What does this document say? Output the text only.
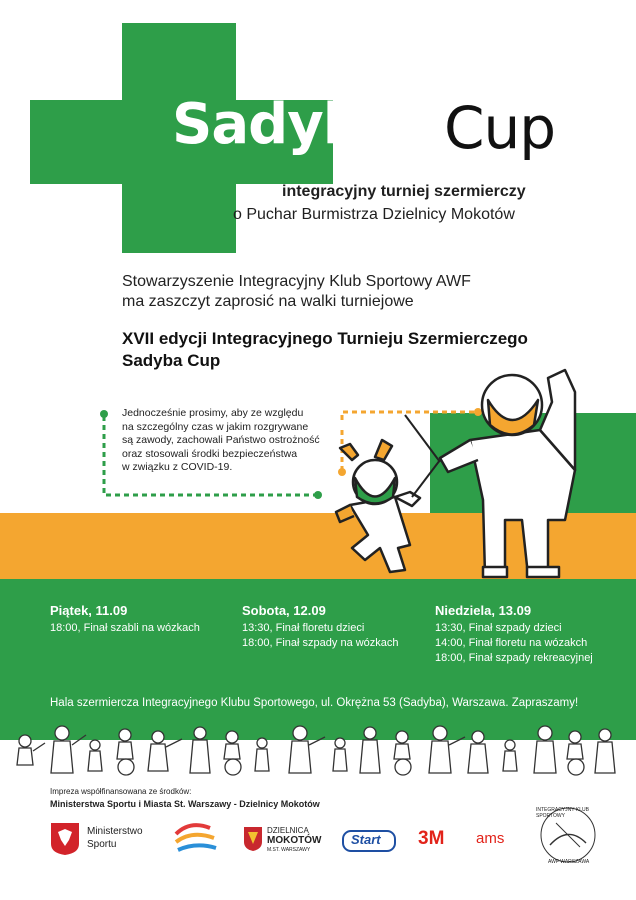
Sadyba Cup
integracyjny turniej szermierczy
o Puchar Burmistrza Dzielnicy Mokotów
Stowarzyszenie Integracyjny Klub Sportowy AWF
ma zaszczyt zaprosić na walki turniejowe
XVII edycji Integracyjnego Turnieju Szermierczego
Sadyba Cup
Jednocześnie prosimy, aby ze względu
na szczególny czas w jakim rozgrywane
są zawody, zachowali Państwo ostrożność
oraz stosowali środki bezpieczeństwa
w związku z COVID-19.
Piątek, 11.09
18:00, Finał szabli na wózkach
Sobota, 12.09
13:30, Finał floretu dzieci
18:00, Finał szpady na wózkach
Niedziela, 13.09
13:30, Finał szpady dzieci
14:00, Finał floretu na wózakch
18:00, Finał szpady rekreacyjnej
Hala szermiercza Integracyjnego Klubu Sportowego, ul. Okrężna 53 (Sadyba), Warszawa. Zapraszamy!
Impreza współfinansowana ze środków:
Ministerstwa Sportu i Miasta St. Warszawy - Dzielnicy Mokotów
Ministerstwo
Sportu
DZIELNICA
MOKOTÓW
M.ST. WARSZAWY
Start 3M ams
INTEGRACYJNY KLUB SPORTOWY
AWF WARSZAWA
